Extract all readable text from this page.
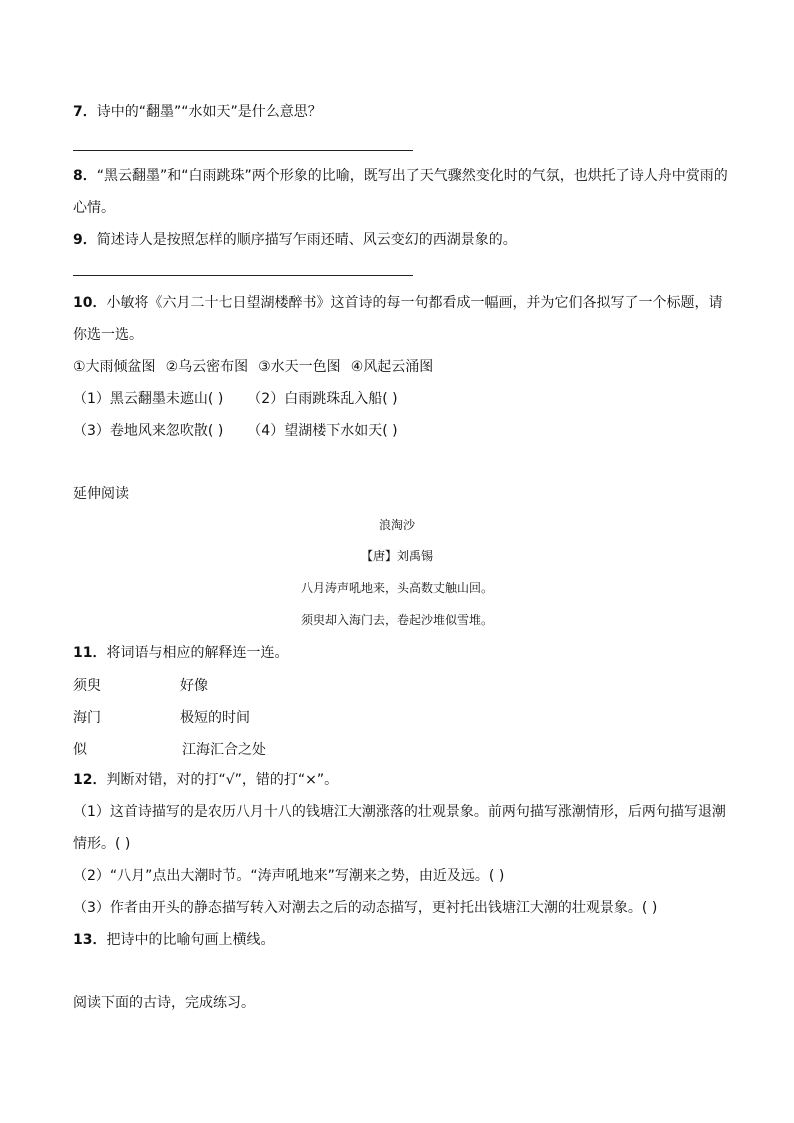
7．诗中的“翻墨”“水如天”是什么意思？
8．“黑云翻墨”和“白雨跳珠”两个形象的比喻，既写出了天气骤然变化时的气氛，也烘托了诗人舟中赏雨的
心情。
9．简述诗人是按照怎样的顺序描写乍雨还晴、风云变幻的西湖景象的。
10．小敏将《六月二十七日望湖楼醉书》这首诗的每一句都看成一幅画，并为它们各拟写了一个标题，请
你选一选。
①大雨倾盆图 ②乌云密布图 ③水天一色图 ④风起云涌图
（1）黑云翻墨未遮山( ) （2）白雨跳珠乱入船( )
（3）卷地风来忽吹散( ) （4）望湖楼下水如天( )
延伸阅读
浪淘沙
【唐】刘禹锡
八月涛声吼地来，头高数丈触山回。
须臾却入海门去，卷起沙堆似雪堆。
11．将词语与相应的解释连一连。
须臾	好像
海门	极短的时间
似	江海汇合之处
12．判断对错，对的打“√”，错的打“×”。
（1）这首诗描写的是农历八月十八的钱塘江大潮涨落的壮观景象。前两句描写涨潮情形，后两句描写退潮
情形。( )
（2）“八月”点出大潮时节。“涛声吼地来”写潮来之势，由近及远。( )
（3）作者由开头的静态描写转入对潮去之后的动态描写，更衬托出钱塘江大潮的壮观景象。( )
13．把诗中的比喻句画上横线。
阅读下面的古诗，完成练习。
